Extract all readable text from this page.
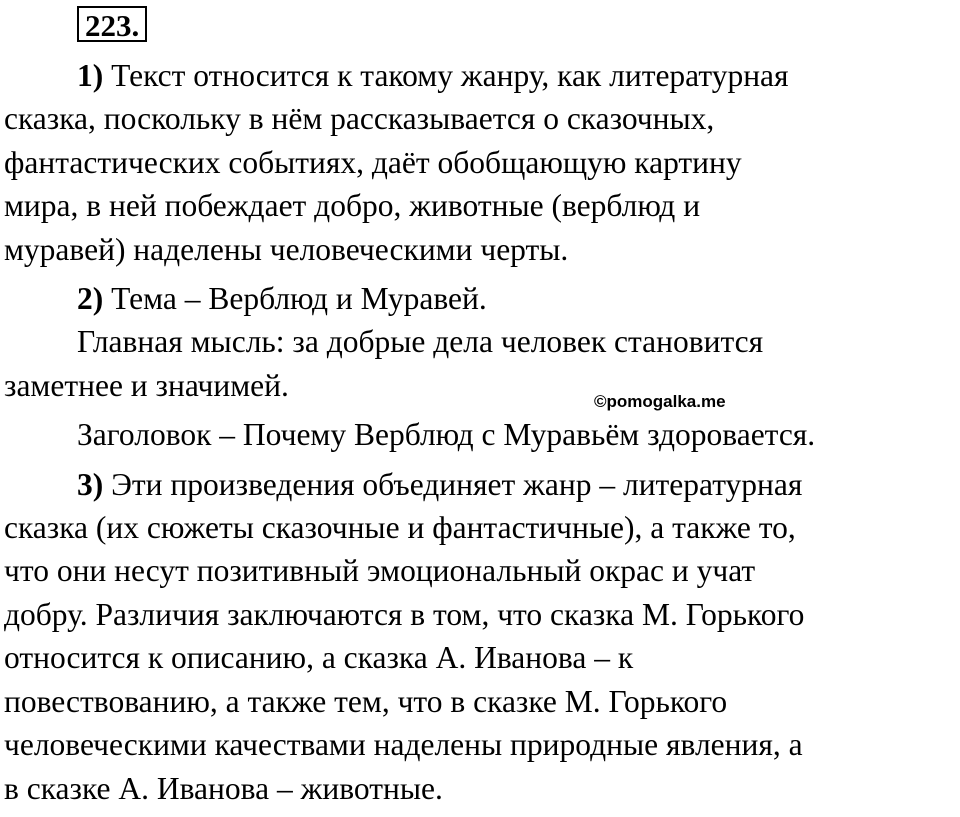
223.
1) Текст относится к такому жанру, как литературная
сказка, поскольку в нём рассказывается о сказочных,
фантастических событиях, даёт обобщающую картину
мира, в ней побеждает добро, животные (верблюд и
муравей) наделены человеческими черты.
2) Тема – Верблюд и Муравей.
Главная мысль: за добрые дела человек становится
заметнее и значимей.
Заголовок – Почему Верблюд с Муравьём здоровается.
3) Эти произведения объединяет жанр – литературная
сказка (их сюжеты сказочные и фантастичные), а также то,
что они несут позитивный эмоциональный окрас и учат
добру. Различия заключаются в том, что сказка М. Горького
относится к описанию, а сказка А. Иванова – к
повествованию, а также тем, что в сказке М. Горького
человеческими качествами наделены природные явления, а
в сказке А. Иванова – животные.
©pomogalka.me
